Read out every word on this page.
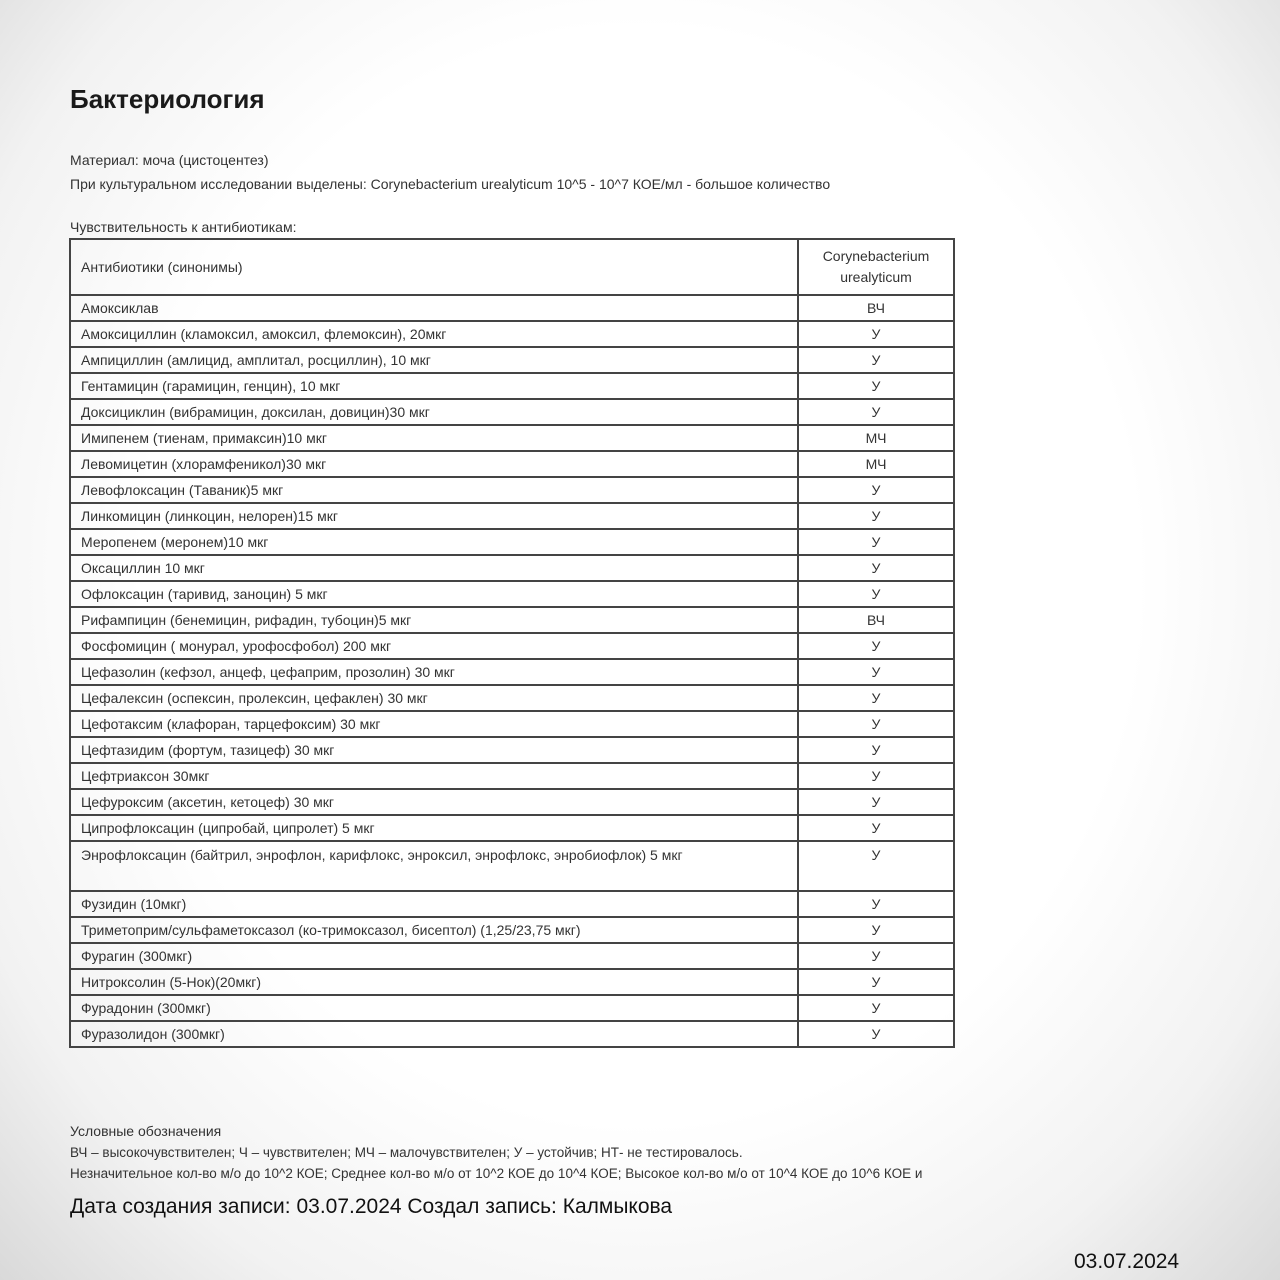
Бактериология
Материал: моча (цистоцентез)
При культуральном исследовании выделены: Corynebacterium urealyticum 10^5 - 10^7 КОЕ/мл - большое количество
Чувствительность к антибиотикам:
Антибиотики (синонимы)	Corynebacterium urealyticum
Амоксиклав	ВЧ
Амоксициллин (кламоксил, амоксил, флемоксин), 20мкг	У
Ампициллин (амлицид, амплитал, росциллин), 10 мкг	У
Гентамицин (гарамицин, генцин), 10 мкг	У
Доксициклин (вибрамицин, доксилан, довицин)30 мкг	У
Имипенем (тиенам, примаксин)10 мкг	МЧ
Левомицетин (хлорамфеникол)30 мкг	МЧ
Левофлоксацин (Таваник)5 мкг	У
Линкомицин (линкоцин, нелорен)15 мкг	У
Меропенем (меронем)10 мкг	У
Оксациллин 10 мкг	У
Офлоксацин (таривид, заноцин) 5 мкг	У
Рифампицин (бенемицин, рифадин, тубоцин)5 мкг	ВЧ
Фосфомицин ( монурал, урофосфобол) 200 мкг	У
Цефазолин (кефзол, анцеф, цефаприм, прозолин) 30 мкг	У
Цефалексин (оспексин, пролексин, цефаклен) 30 мкг	У
Цефотаксим (клафоран, тарцефоксим) 30 мкг	У
Цефтазидим (фортум, тазицеф) 30 мкг	У
Цефтриаксон 30мкг	У
Цефуроксим (аксетин, кетоцеф) 30 мкг	У
Ципрофлоксацин (ципробай, ципролет) 5 мкг	У
Энрофлоксацин (байтрил, энрофлон, карифлокс, энроксил, энрофлокс, энробиофлок) 5 мкг	У
Фузидин (10мкг)	У
Триметоприм/сульфаметоксазол (ко-тримоксазол, бисептол) (1,25/23,75 мкг)	У
Фурагин (300мкг)	У
Нитроксолин (5-Нок)(20мкг)	У
Фурадонин (300мкг)	У
Фуразолидон (300мкг)	У
Условные обозначения
ВЧ – высокочувствителен; Ч – чувствителен; МЧ – малочувствителен; У – устойчив; НТ- не тестировалось.
Незначительное кол-во м/о до 10^2 КОЕ; Среднее кол-во м/о от 10^2 КОЕ до 10^4 КОЕ; Высокое кол-во м/о от 10^4 КОЕ до 10^6 КОЕ и
Дата создания записи: 03.07.2024 Создал запись: Калмыкова
03.07.2024
